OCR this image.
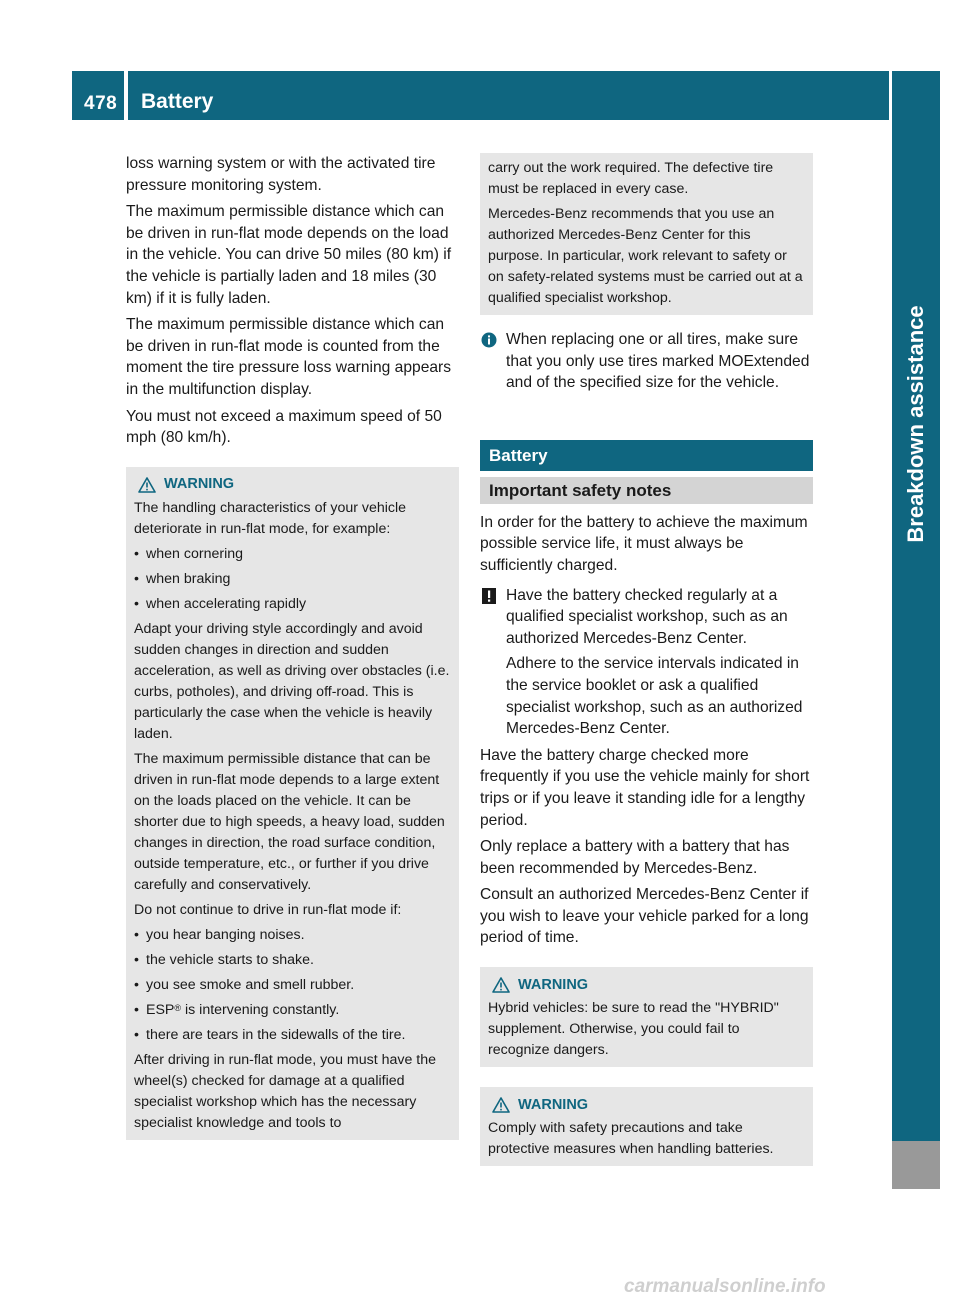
478 Battery
Breakdown assistance

loss warning system or with the activated tire pressure monitoring system.

The maximum permissible distance which can be driven in run-flat mode depends on the load in the vehicle. You can drive 50 miles (80 km) if the vehicle is partially laden and 18 miles (30 km) if it is fully laden.

The maximum permissible distance which can be driven in run-flat mode is counted from the moment the tire pressure loss warning appears in the multifunction display.

You must not exceed a maximum speed of 50 mph (80 km/h).

WARNING

The handling characteristics of your vehicle deteriorate in run-flat mode, for example:

• when cornering
• when braking
• when accelerating rapidly

Adapt your driving style accordingly and avoid sudden changes in direction and sudden acceleration, as well as driving over obstacles (i.e. curbs, potholes), and driving off-road. This is particularly the case when the vehicle is heavily laden.

The maximum permissible distance that can be driven in run-flat mode depends to a large extent on the loads placed on the vehicle. It can be shorter due to high speeds, a heavy load, sudden changes in direction, the road surface condition, outside temperature, etc., or further if you drive carefully and conservatively.

Do not continue to drive in run-flat mode if:

• you hear banging noises.
• the vehicle starts to shake.
• you see smoke and smell rubber.
• ESP® is intervening constantly.
• there are tears in the sidewalls of the tire.

After driving in run-flat mode, you must have the wheel(s) checked for damage at a qualified specialist workshop which has the necessary specialist knowledge and tools to

carry out the work required. The defective tire must be replaced in every case.

Mercedes-Benz recommends that you use an authorized Mercedes-Benz Center for this purpose. In particular, work relevant to safety or on safety-related systems must be carried out at a qualified specialist workshop.

When replacing one or all tires, make sure that you only use tires marked MOExtended and of the specified size for the vehicle.

Battery
Important safety notes

In order for the battery to achieve the maximum possible service life, it must always be sufficiently charged.

Have the battery checked regularly at a qualified specialist workshop, such as an authorized Mercedes-Benz Center.

Adhere to the service intervals indicated in the service booklet or ask a qualified specialist workshop, such as an authorized Mercedes-Benz Center.

Have the battery charge checked more frequently if you use the vehicle mainly for short trips or if you leave it standing idle for a lengthy period.

Only replace a battery with a battery that has been recommended by Mercedes-Benz.

Consult an authorized Mercedes-Benz Center if you wish to leave your vehicle parked for a long period of time.

WARNING

Hybrid vehicles: be sure to read the "HYBRID" supplement. Otherwise, you could fail to recognize dangers.

WARNING

Comply with safety precautions and take protective measures when handling batteries.

carmanualsonline.info
